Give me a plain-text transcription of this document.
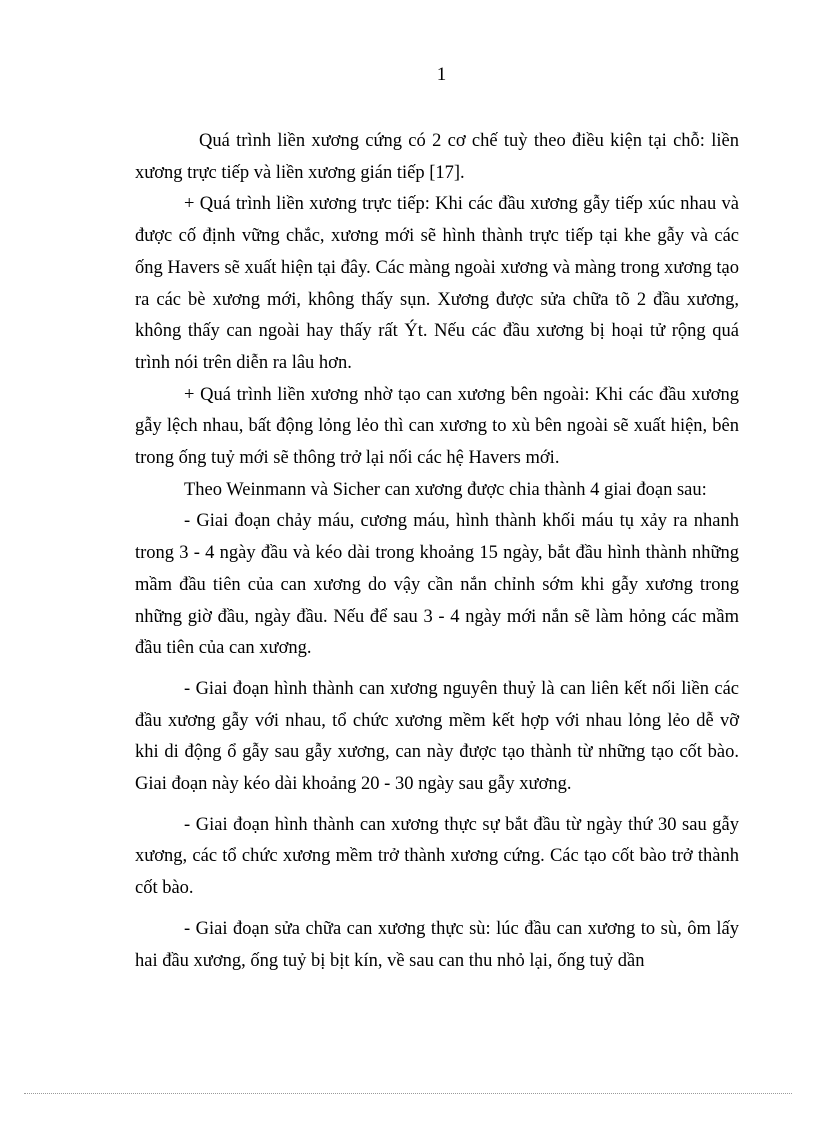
1

Quá trình liền xương cứng có 2 cơ chế tuỳ theo điều kiện tại chỗ: liền xương trực tiếp và liền xương gián tiếp [17].

+ Quá trình liền xương trực tiếp: Khi các đầu xương gẫy tiếp xúc nhau và được cố định vững chắc, xương mới sẽ hình thành trực tiếp tại khe gẫy và các ống Havers sẽ xuất hiện tại đây. Các màng ngoài xương và màng trong xương tạo ra các bè xương mới, không thấy sụn. Xương được sửa chữa tõ 2 đầu xương, không thấy can ngoài hay thấy rất Ýt. Nếu các đầu xương bị hoại tử rộng quá trình nói trên diễn ra lâu hơn.

+ Quá trình liền xương nhờ tạo can xương bên ngoài: Khi các đầu xương gẫy lệch nhau, bất động lỏng lẻo thì can xương to xù bên ngoài sẽ xuất hiện, bên trong ống tuỷ mới sẽ thông trở lại nối các hệ Havers mới.

Theo Weinmann và Sicher can xương được chia thành 4 giai đoạn sau:

- Giai đoạn chảy máu, cương máu, hình thành khối máu tụ xảy ra nhanh trong 3 - 4 ngày đầu và kéo dài trong khoảng 15 ngày, bắt đầu hình thành những mầm đầu tiên của can xương do vậy cần nắn chỉnh sớm khi gẫy xương trong những giờ đầu, ngày đầu. Nếu để sau 3 - 4 ngày mới nắn sẽ làm hỏng các mầm đầu tiên của can xương.

- Giai đoạn hình thành can xương nguyên thuỷ là can liên kết nối liền các đầu xương gẫy với nhau, tổ chức xương mềm kết hợp với nhau lỏng lẻo dễ vỡ khi di động ổ gẫy sau gẫy xương, can này được tạo thành từ những tạo cốt bào. Giai đoạn này kéo dài khoảng 20 - 30 ngày sau gẫy xương.

- Giai đoạn hình thành can xương thực sự bắt đầu từ ngày thứ 30 sau gẫy xương, các tổ chức xương mềm trở thành xương cứng. Các tạo cốt bào trở thành cốt bào.

- Giai đoạn sửa chữa can xương thực sù: lúc đầu can xương to sù, ôm lấy hai đầu xương, ống tuỷ bị bịt kín, về sau can thu nhỏ lại, ống tuỷ dần
